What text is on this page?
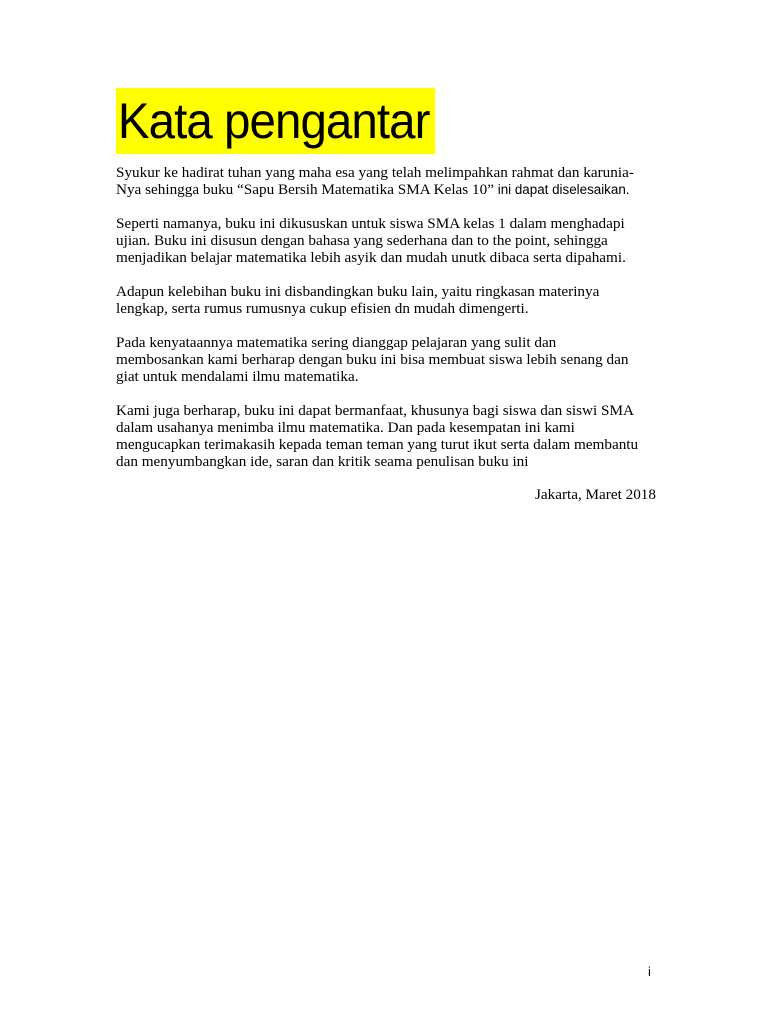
Kata pengantar

Syukur ke hadirat tuhan yang maha esa yang telah melimpahkan rahmat dan karunia-
Nya sehingga buku “Sapu Bersih Matematika SMA Kelas 10” ini dapat diselesaikan.

Seperti namanya, buku ini dikususkan untuk siswa SMA kelas 1 dalam menghadapi
ujian. Buku ini disusun dengan bahasa yang sederhana dan to the point, sehingga
menjadikan belajar matematika lebih asyik dan mudah unutk dibaca serta dipahami.

Adapun kelebihan buku ini disbandingkan buku lain, yaitu ringkasan materinya
lengkap, serta rumus rumusnya cukup efisien dn mudah dimengerti.

Pada kenyataannya matematika sering dianggap pelajaran yang sulit dan
membosankan kami berharap dengan buku ini bisa membuat siswa lebih senang dan
giat untuk mendalami ilmu matematika.

Kami juga berharap, buku ini dapat bermanfaat, khusunya bagi siswa dan siswi SMA
dalam usahanya menimba ilmu matematika. Dan pada kesempatan ini kami
mengucapkan terimakasih kepada teman teman yang turut ikut serta dalam membantu
dan menyumbangkan ide, saran dan kritik seama penulisan buku ini

Jakarta, Maret 2018
i
